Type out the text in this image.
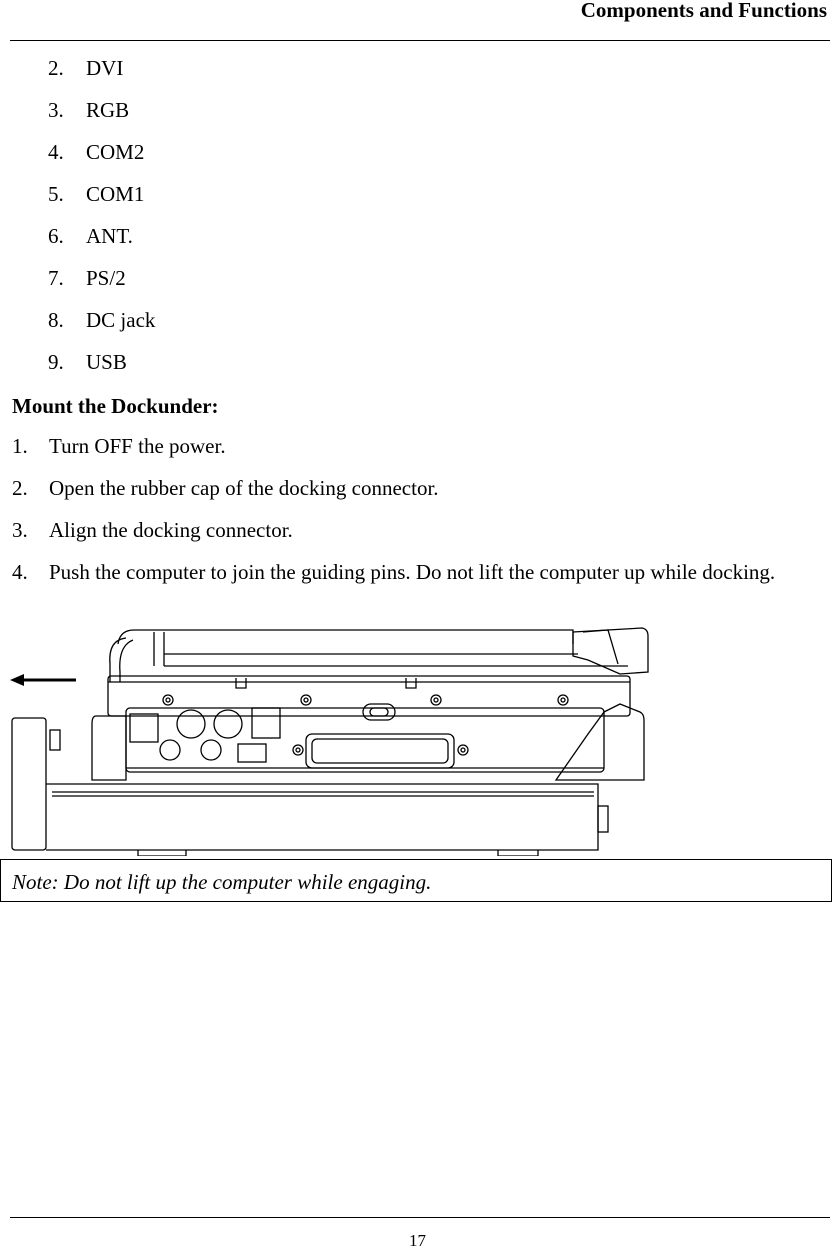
Components and Functions
2. DVI
3. RGB
4. COM2
5. COM1
6. ANT.
7. PS/2
8. DC jack
9. USB
Mount the Dockunder:
1. Turn OFF the power.
2. Open the rubber cap of the docking connector.
3. Align the docking connector.
4. Push the computer to join the guiding pins. Do not lift the computer up while docking.
Note: Do not lift up the computer while engaging.
17
